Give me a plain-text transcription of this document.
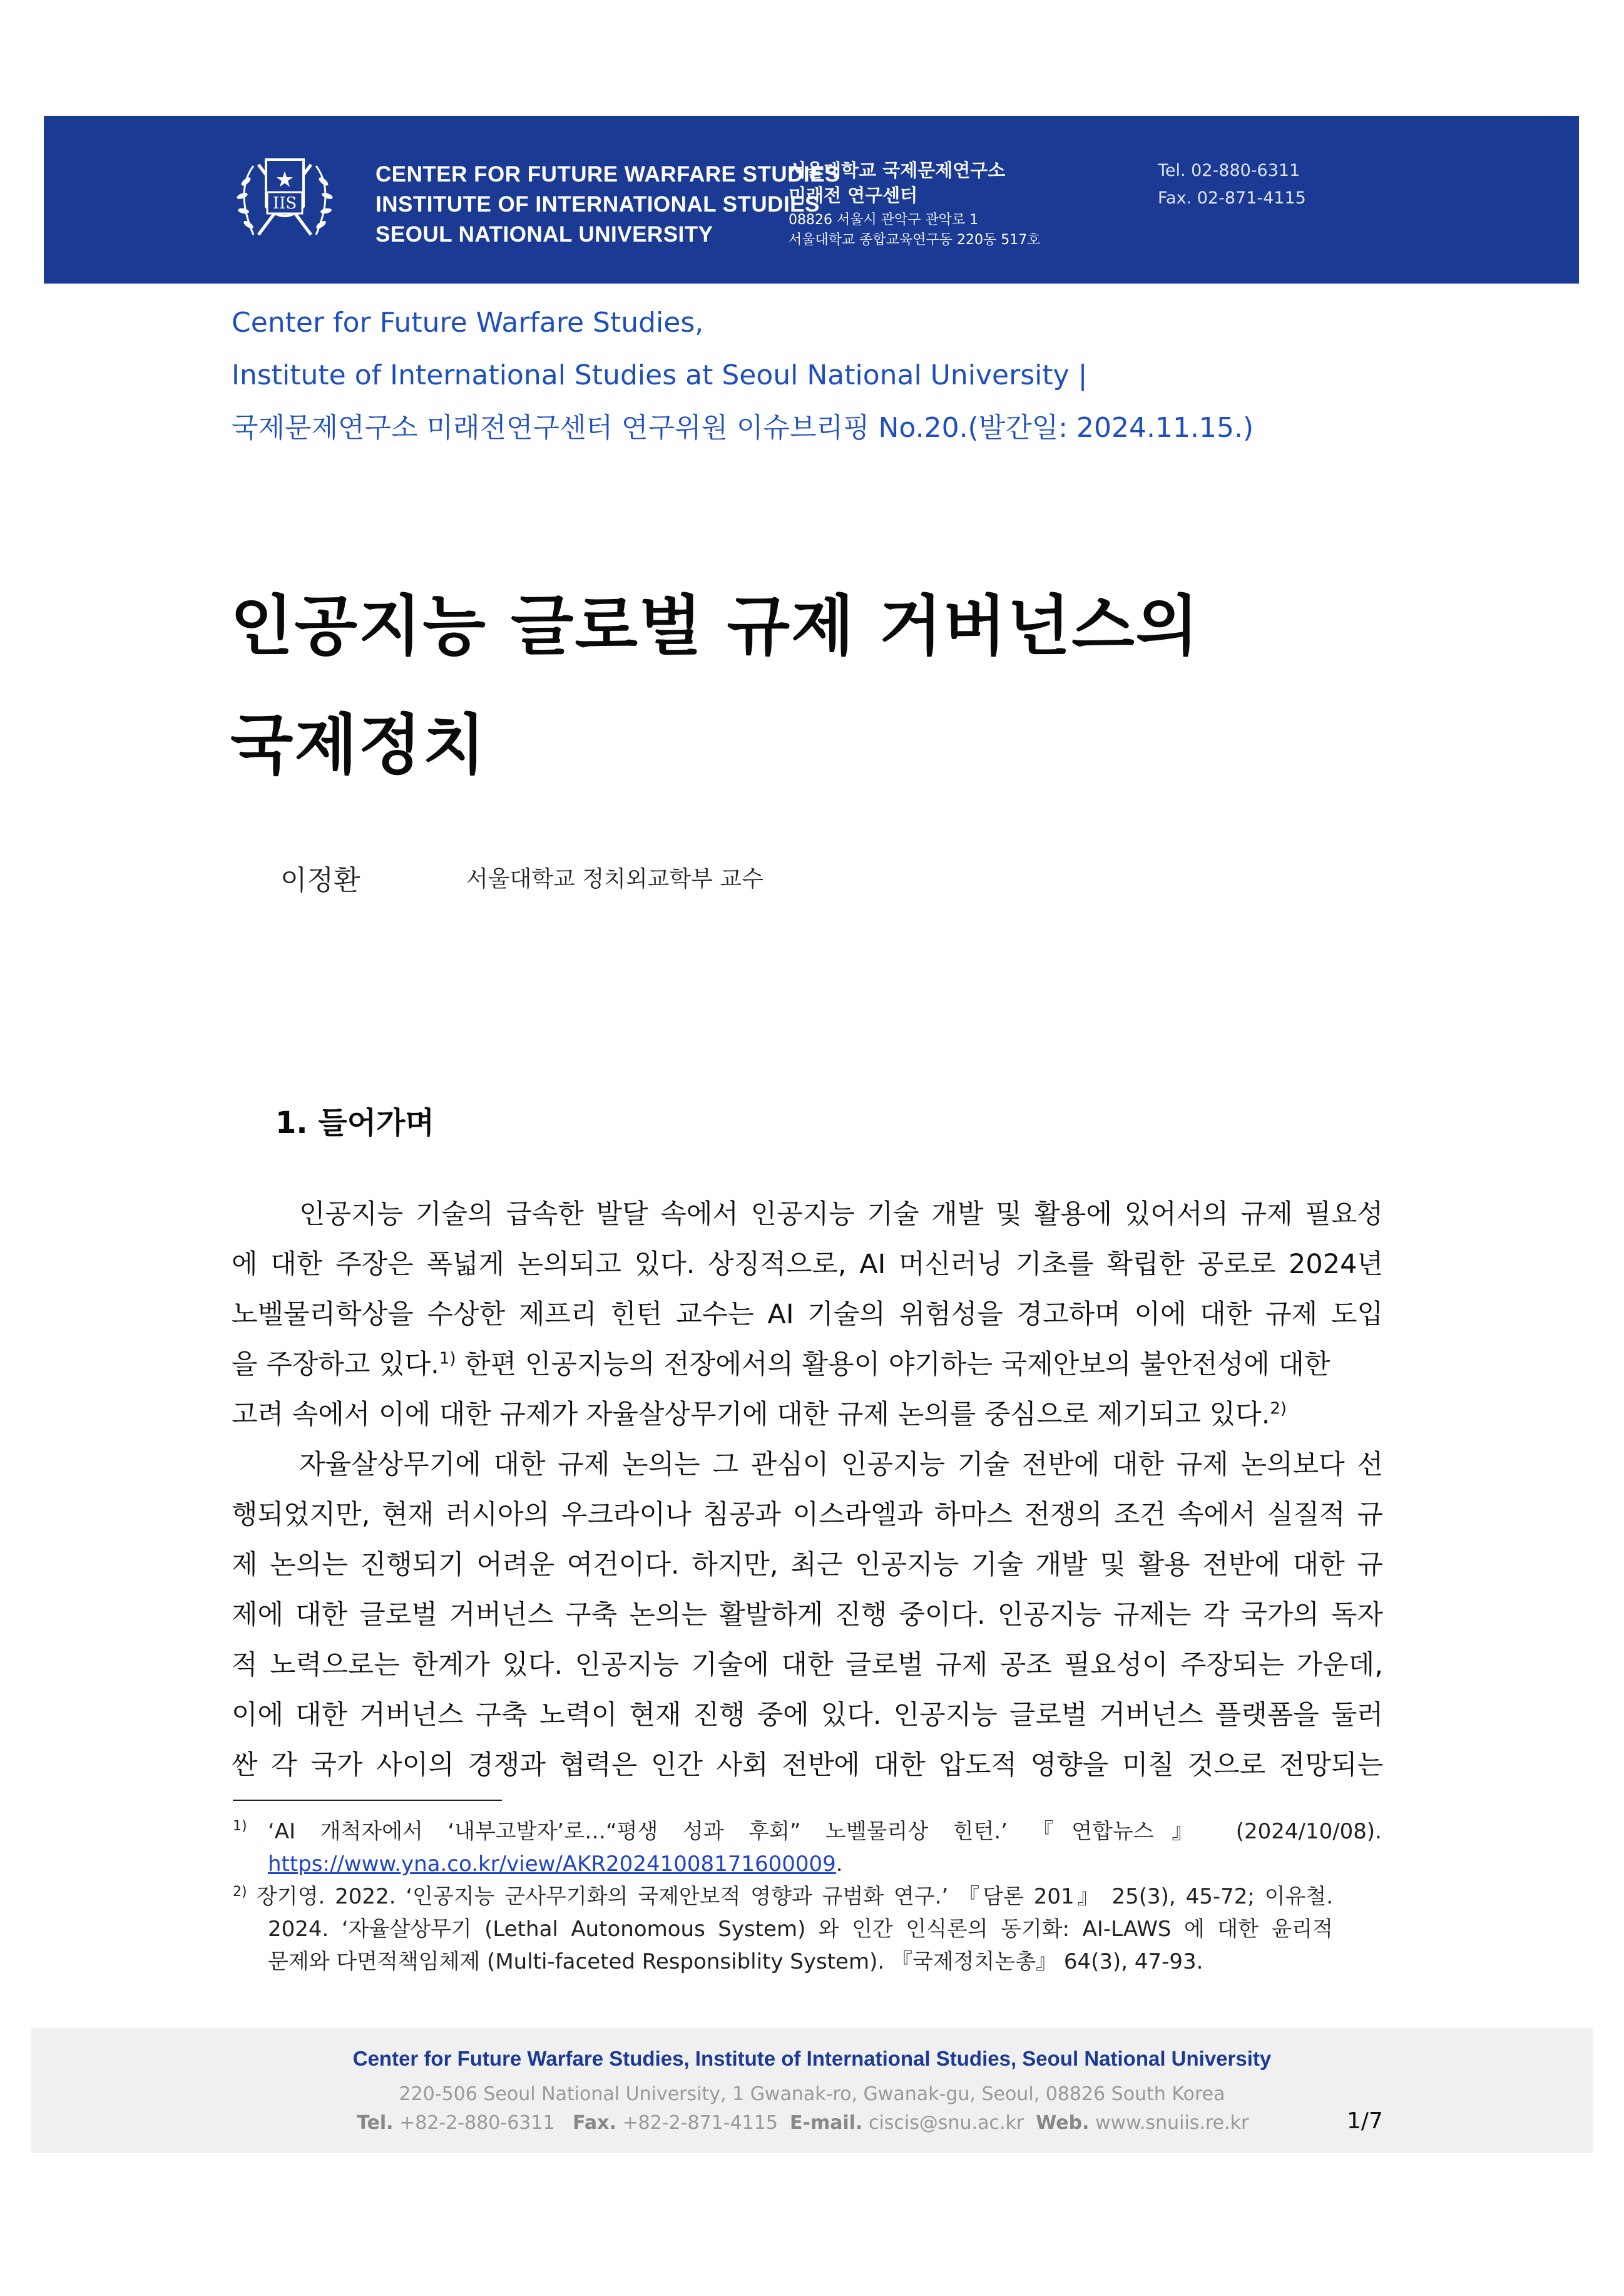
★
IIS
CENTER FOR FUTURE WARFARE STUDIES
INSTITUTE OF INTERNATIONAL STUDIES
SEOUL NATIONAL UNIVERSITY
서울대학교 국제문제연구소
미래전 연구센터
08826 서울시 관악구 관악로 1
서울대학교 종합교육연구동 220동 517호
Tel. 02-880-6311
Fax. 02-871-4115
Center for Future Warfare Studies,
Institute of International Studies at Seoul National University |
국제문제연구소 미래전연구센터 연구위원 이슈브리핑 No.20.(발간일: 2024.11.15.)
인공지능 글로벌 규제 거버넌스의
국제정치
이정환	서울대학교 정치외교학부 교수
1. 들어가며
인공지능 기술의 급속한 발달 속에서 인공지능 기술 개발 및 활용에 있어서의 규제 필요성
에 대한 주장은 폭넓게 논의되고 있다. 상징적으로, AI 머신러닝 기초를 확립한 공로로 2024년
노벨물리학상을 수상한 제프리 힌턴 교수는 AI 기술의 위험성을 경고하며 이에 대한 규제 도입
을 주장하고 있다.$^{1)}$ 한편 인공지능의 전장에서의 활용이 야기하는 국제안보의 불안전성에 대한
고려 속에서 이에 대한 규제가 자율살상무기에 대한 규제 논의를 중심으로 제기되고 있다.$^{2)}$
자율살상무기에 대한 규제 논의는 그 관심이 인공지능 기술 전반에 대한 규제 논의보다 선
행되었지만, 현재 러시아의 우크라이나 침공과 이스라엘과 하마스 전쟁의 조건 속에서 실질적 규
제 논의는 진행되기 어려운 여건이다. 하지만, 최근 인공지능 기술 개발 및 활용 전반에 대한 규
제에 대한 글로벌 거버넌스 구축 논의는 활발하게 진행 중이다. 인공지능 규제는 각 국가의 독자
적 노력으로는 한계가 있다. 인공지능 기술에 대한 글로벌 규제 공조 필요성이 주장되는 가운데,
이에 대한 거버넌스 구축 노력이 현재 진행 중에 있다. 인공지능 글로벌 거버넌스 플랫폼을 둘러
싼 각 국가 사이의 경쟁과 협력은 인간 사회 전반에 대한 압도적 영향을 미칠 것으로 전망되는
1) ‘AI 개척자에서 ‘내부고발자’로…“평생 성과 후회” 노벨물리상 힌턴.’ 『연합뉴스』 (2024/10/08).
https://www.yna.co.kr/view/AKR20241008171600009.
2) 장기영. 2022. ‘인공지능 군사무기화의 국제안보적 영향과 규범화 연구.’ 『담론 201』 25(3), 45-72; 이유철.
2024. ‘자율살상무기 (Lethal Autonomous System) 와 인간 인식론의 동기화: AI-LAWS 에 대한 윤리적
문제와 다면적책임체제 (Multi-faceted Responsiblity System). 『국제정치논총』 64(3), 47-93.
Center for Future Warfare Studies, Institute of International Studies, Seoul National University
220-506 Seoul National University, 1 Gwanak-ro, Gwanak-gu, Seoul, 08826 South Korea
Tel. +82-2-880-6311 Fax. +82-2-871-4115 E-mail. ciscis@snu.ac.kr Web. www.snuiis.re.kr	1/7
